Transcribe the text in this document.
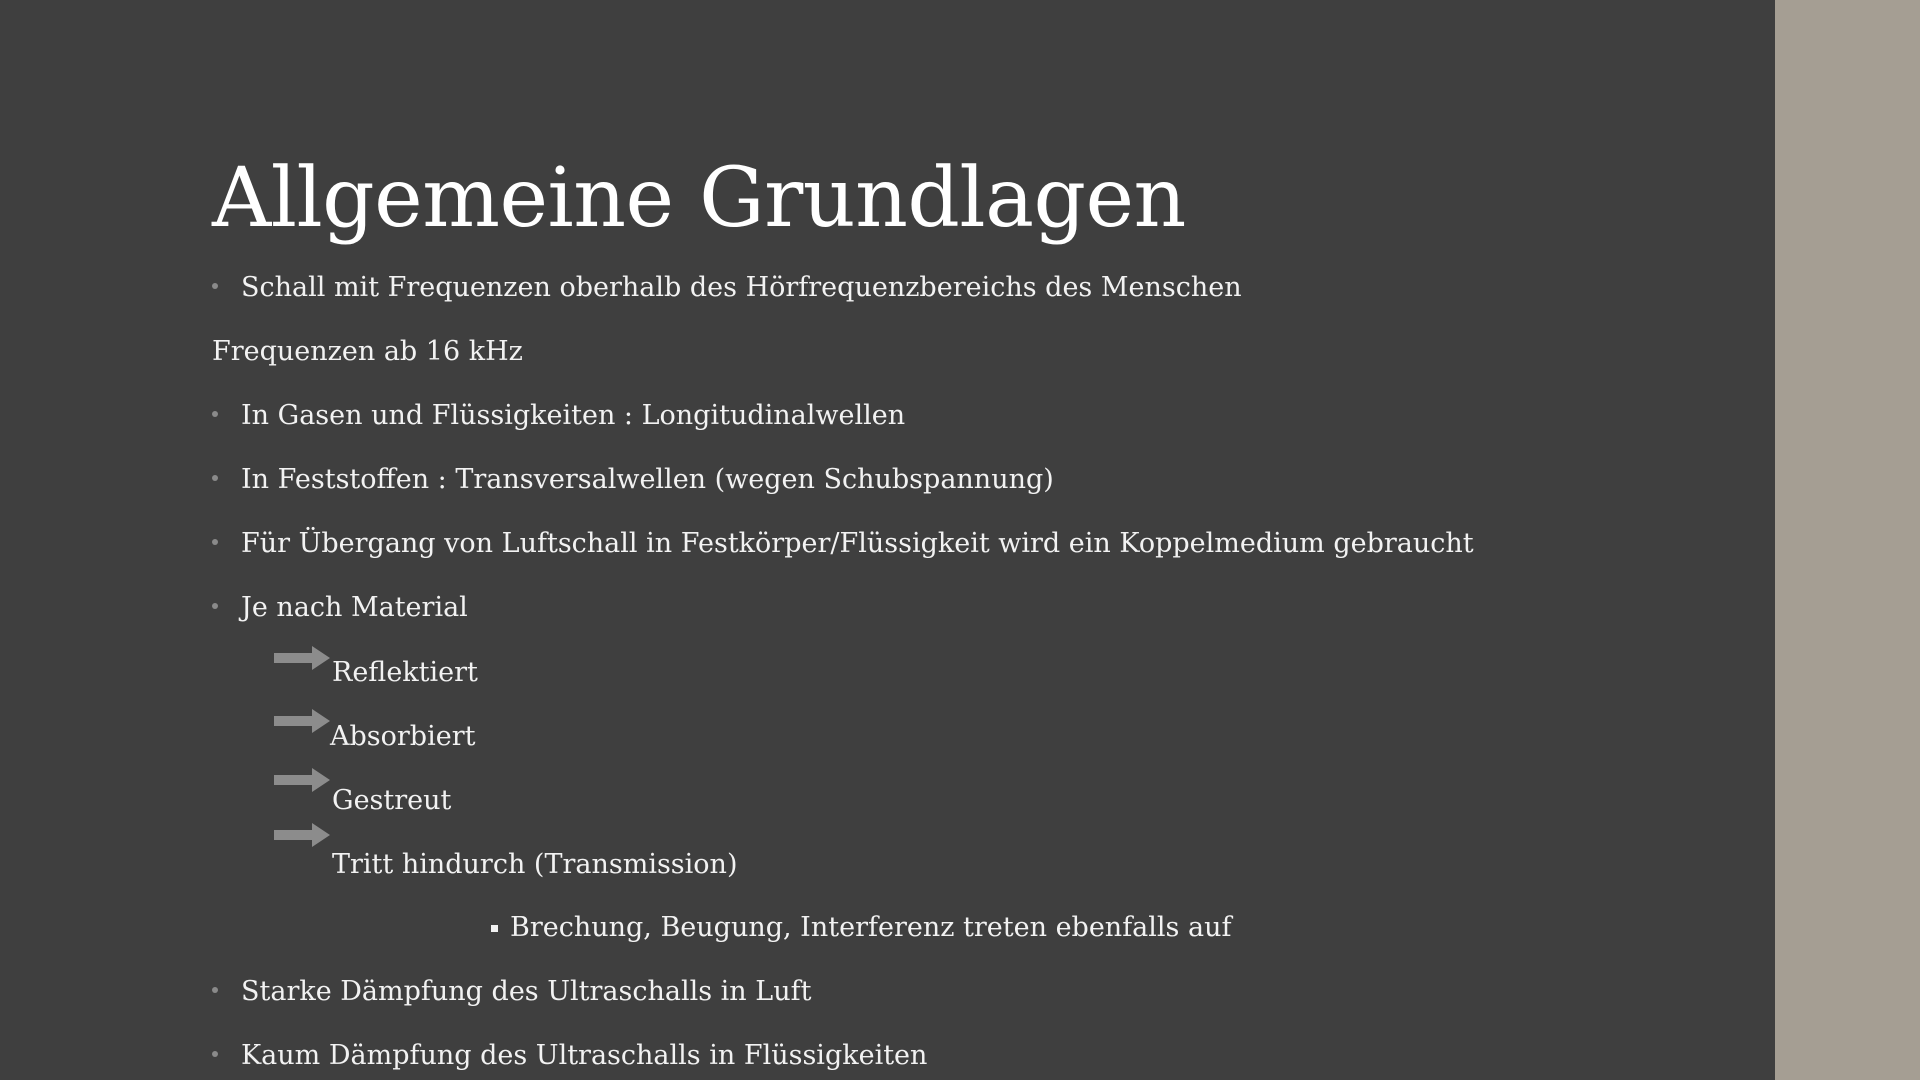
Allgemeine Grundlagen
Schall mit Frequenzen oberhalb des Hörfrequenzbereichs des Menschen
Frequenzen ab 16 kHz
In Gasen und Flüssigkeiten : Longitudinalwellen
In Feststoffen : Transversalwellen (wegen Schubspannung)
Für Übergang von Luftschall in Festkörper/Flüssigkeit wird ein Koppelmedium gebraucht
Je nach Material
Reflektiert
Absorbiert
Gestreut
Tritt hindurch (Transmission)
Brechung, Beugung, Interferenz treten ebenfalls auf
Starke Dämpfung des Ultraschalls in Luft
Kaum Dämpfung des Ultraschalls in Flüssigkeiten
